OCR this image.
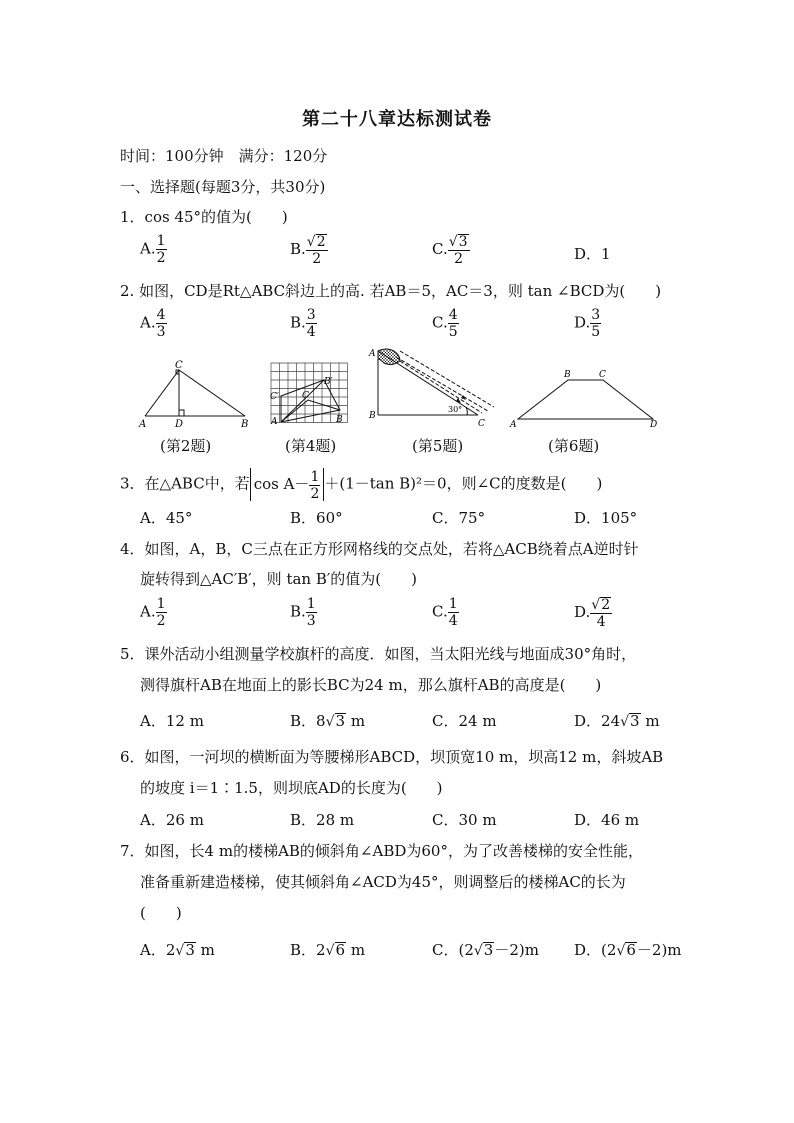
第二十八章达标测试卷
时间：100分钟　满分：120分
一、选择题(每题3分，共30分)
1．cos 45°的值为(　　)
A. $\frac{1}{2}$	B. $\frac{√2}{2}$	C. $\frac{√3}{2}$	D．1
2. 如图，CD是Rt△ABC斜边上的高. 若AB＝5，AC＝3，则 tan ∠BCD为(　　)
A. $\frac{4}{3}$	B. $\frac{3}{4}$	C. $\frac{4}{5}$	D. $\frac{3}{5}$
C
A	D	B
(第2题)
B′
C′	C
A	B
(第4题)
A
B
C
30°
(第5题)
B	C
A	D
(第6题)
3．在△ABC中，若 $\cos A- \frac{1}{2} +(1-\tan$ B)²＝0，则∠C的度数是(　　)
A．45°	B．60°	C．75°	D．105°
4．如图，A，B，C三点在正方形网格线的交点处，若将△ACB绕着点A逆时针
旋转得到△AC′B′，则 tan B′的值为(　　)
A. $\frac{1}{2}$	B. $\frac{1}{3}$	C. $\frac{1}{4}$	D. $\frac{√2}{4}$
5．课外活动小组测量学校旗杆的高度．如图，当太阳光线与地面成30°角时，
测得旗杆AB在地面上的影长BC为24 m，那么旗杆AB的高度是(　　)
A．12 m	B．8√3 m	C．24 m	D．24√3 m
6．如图，一河坝的横断面为等腰梯形ABCD，坝顶宽10 m，坝高12 m，斜坡AB
的坡度 i＝1∶1.5，则坝底AD的长度为(　　)
A．26 m	B．28 m	C．30 m	D．46 m
7．如图，长4 m的楼梯AB的倾斜角∠ABD为60°，为了改善楼梯的安全性能，
准备重新建造楼梯，使其倾斜角∠ACD为45°，则调整后的楼梯AC的长为
(　　)
A．2√3 m	B．2√6 m	C．(2√3－2)m D．(2√6－2)m
